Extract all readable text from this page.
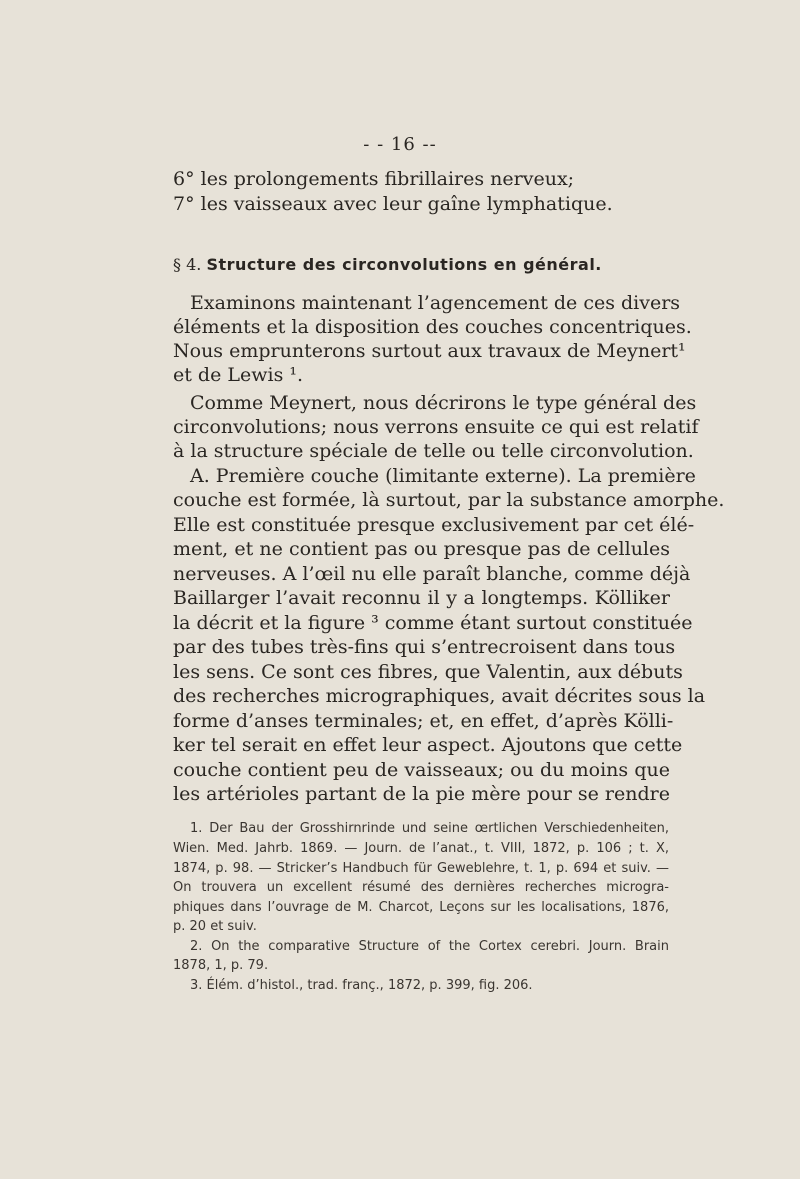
- - 16 --
6° les prolongements fibrillaires nerveux;
7° les vaisseaux avec leur gaîne lymphatique.
§ 4. Structure des circonvolutions en général.
Examinons maintenant l’agencement de ces divers
éléments et la disposition des couches concentriques.
Nous emprunterons surtout aux travaux de Meynert¹
et de Lewis ¹.
Comme Meynert, nous décrirons le type général des
circonvolutions; nous verrons ensuite ce qui est relatif
à la structure spéciale de telle ou telle circonvolution.
A. Première couche (limitante externe). La première
couche est formée, là surtout, par la substance amorphe.
Elle est constituée presque exclusivement par cet élé-
ment, et ne contient pas ou presque pas de cellules
nerveuses. A l’œil nu elle paraît blanche, comme déjà
Baillarger l’avait reconnu il y a longtemps. Kölliker
la décrit et la figure ³ comme étant surtout constituée
par des tubes très-fins qui s’entrecroisent dans tous
les sens. Ce sont ces fibres, que Valentin, aux débuts
des recherches micrographiques, avait décrites sous la
forme d’anses terminales; et, en effet, d’après Kölli-
ker tel serait en effet leur aspect. Ajoutons que cette
couche contient peu de vaisseaux; ou du moins que
les artérioles partant de la pie mère pour se rendre
1. Der Bau der Grosshirnrinde und seine œrtlichen Verschiedenheiten,
Wien. Med. Jahrb. 1869. — Journ. de l’anat., t. VIII, 1872, p. 106 ; t. X,
1874, p. 98. — Stricker’s Handbuch für Geweblehre, t. 1, p. 694 et suiv. —
On trouvera un excellent résumé des dernières recherches microgra-
phiques dans l’ouvrage de M. Charcot, Leçons sur les localisations, 1876,
p. 20 et suiv.
2. On the comparative Structure of the Cortex cerebri. Journ. Brain
1878, 1, p. 79.
3. Élém. d’histol., trad. franç., 1872, p. 399, fig. 206.
